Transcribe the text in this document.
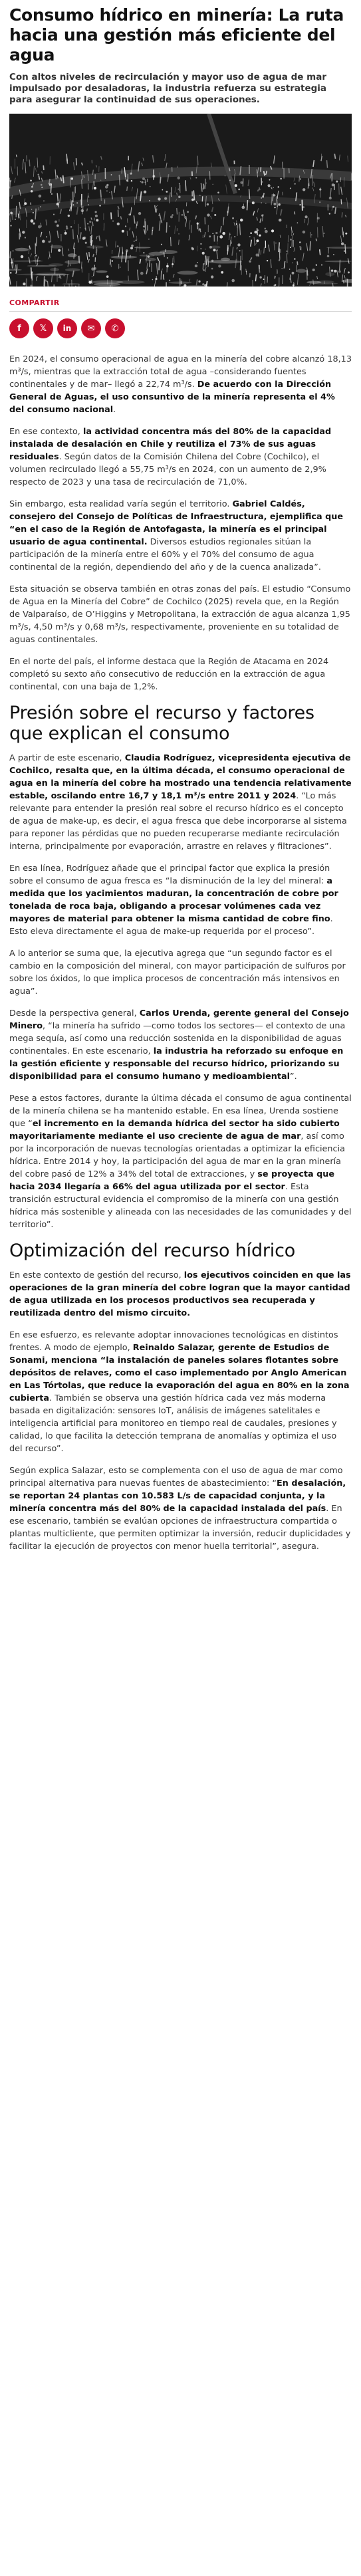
Consumo hídrico en minería: La ruta hacia una gestión más eficiente del agua
Con altos niveles de recirculación y mayor uso de agua de mar impulsado por desaladoras, la industria refuerza su estrategia para asegurar la continuidad de sus operaciones.
COMPARTIR
f 𝕏 in ✉ ✆

En 2024, el consumo operacional de agua en la minería del cobre alcanzó 18,13 m³/s, mientras que la extracción total de agua –considerando fuentes continentales y de mar– llegó a 22,74 m³/s. De acuerdo con la Dirección General de Aguas, el uso consuntivo de la minería representa el 4% del consumo nacional.

En ese contexto, la actividad concentra más del 80% de la capacidad instalada de desalación en Chile y reutiliza el 73% de sus aguas residuales. Según datos de la Comisión Chilena del Cobre (Cochilco), el volumen recirculado llegó a 55,75 m³/s en 2024, con un aumento de 2,9% respecto de 2023 y una tasa de recirculación de 71,0%.

Sin embargo, esta realidad varía según el territorio. Gabriel Caldés, consejero del Consejo de Políticas de Infraestructura, ejemplifica que “en el caso de la Región de Antofagasta, la minería es el principal usuario de agua continental. Diversos estudios regionales sitúan la participación de la minería entre el 60% y el 70% del consumo de agua continental de la región, dependiendo del año y de la cuenca analizada”.

Esta situación se observa también en otras zonas del país. El estudio “Consumo de Agua en la Minería del Cobre” de Cochilco (2025) revela que, en la Región de Valparaíso, de O’Higgins y Metropolitana, la extracción de agua alcanza 1,95 m³/s, 4,50 m³/s y 0,68 m³/s, respectivamente, proveniente en su totalidad de aguas continentales.

En el norte del país, el informe destaca que la Región de Atacama en 2024 completó su sexto año consecutivo de reducción en la extracción de agua continental, con una baja de 1,2%.

Presión sobre el recurso y factores que explican el consumo

A partir de este escenario, Claudia Rodríguez, vicepresidenta ejecutiva de Cochilco, resalta que, en la última década, el consumo operacional de agua en la minería del cobre ha mostrado una tendencia relativamente estable, oscilando entre 16,7 y 18,1 m³/s entre 2011 y 2024. “Lo más relevante para entender la presión real sobre el recurso hídrico es el concepto de agua de make-up, es decir, el agua fresca que debe incorporarse al sistema para reponer las pérdidas que no pueden recuperarse mediante recirculación interna, principalmente por evaporación, arrastre en relaves y filtraciones”.

En esa línea, Rodríguez añade que el principal factor que explica la presión sobre el consumo de agua fresca es “la disminución de la ley del mineral: a medida que los yacimientos maduran, la concentración de cobre por tonelada de roca baja, obligando a procesar volúmenes cada vez mayores de material para obtener la misma cantidad de cobre fino. Esto eleva directamente el agua de make-up requerida por el proceso”.

A lo anterior se suma que, la ejecutiva agrega que “un segundo factor es el cambio en la composición del mineral, con mayor participación de sulfuros por sobre los óxidos, lo que implica procesos de concentración más intensivos en agua”.

Desde la perspectiva general, Carlos Urenda, gerente general del Consejo Minero, “la minería ha sufrido —como todos los sectores— el contexto de una mega sequía, así como una reducción sostenida en la disponibilidad de aguas continentales. En este escenario, la industria ha reforzado su enfoque en la gestión eficiente y responsable del recurso hídrico, priorizando su disponibilidad para el consumo humano y medioambiental”.

Pese a estos factores, durante la última década el consumo de agua continental de la minería chilena se ha mantenido estable. En esa línea, Urenda sostiene que “el incremento en la demanda hídrica del sector ha sido cubierto mayoritariamente mediante el uso creciente de agua de mar, así como por la incorporación de nuevas tecnologías orientadas a optimizar la eficiencia hídrica. Entre 2014 y hoy, la participación del agua de mar en la gran minería del cobre pasó de 12% a 34% del total de extracciones, y se proyecta que hacia 2034 llegaría a 66% del agua utilizada por el sector. Esta transición estructural evidencia el compromiso de la minería con una gestión hídrica más sostenible y alineada con las necesidades de las comunidades y del territorio”.

Optimización del recurso hídrico

En este contexto de gestión del recurso, los ejecutivos coinciden en que las operaciones de la gran minería del cobre logran que la mayor cantidad de agua utilizada en los procesos productivos sea recuperada y reutilizada dentro del mismo circuito.

En ese esfuerzo, es relevante adoptar innovaciones tecnológicas en distintos frentes. A modo de ejemplo, Reinaldo Salazar, gerente de Estudios de Sonami, menciona “la instalación de paneles solares flotantes sobre depósitos de relaves, como el caso implementado por Anglo American en Las Tórtolas, que reduce la evaporación del agua en 80% en la zona cubierta. También se observa una gestión hídrica cada vez más moderna basada en digitalización: sensores IoT, análisis de imágenes satelitales e inteligencia artificial para monitoreo en tiempo real de caudales, presiones y calidad, lo que facilita la detección temprana de anomalías y optimiza el uso del recurso”.

Según explica Salazar, esto se complementa con el uso de agua de mar como principal alternativa para nuevas fuentes de abastecimiento: “En desalación, se reportan 24 plantas con 10.583 L/s de capacidad conjunta, y la minería concentra más del 80% de la capacidad instalada del país. En ese escenario, también se evalúan opciones de infraestructura compartida o plantas multicliente, que permiten optimizar la inversión, reducir duplicidades y facilitar la ejecución de proyectos con menor huella territorial”, asegura.
